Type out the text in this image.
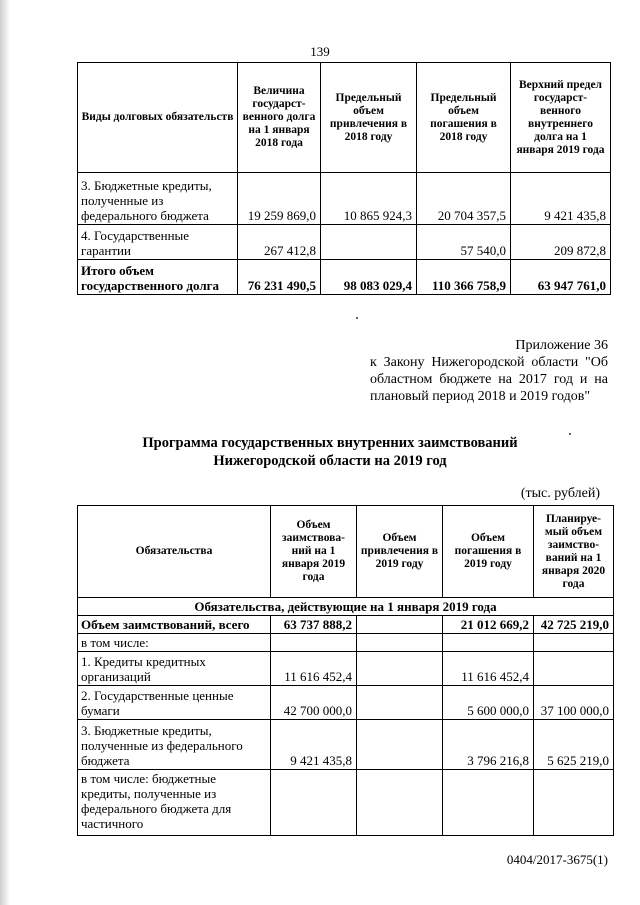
139
Виды долговых обязательств	Величина государст-венного долга на 1 января 2018 года	Предельный объем привлечения в 2018 году	Предельный объем погашения в 2018 году	Верхний предел государст-венного внутреннего долга на 1 января 2019 года
3. Бюджетные кредиты, полученные из федерального бюджета	19 259 869,0	10 865 924,3	20 704 357,5	9 421 435,8
4. Государственные гарантии	267 412,8		57 540,0	209 872,8
Итого объем государственного долга	76 231 490,5	98 083 029,4	110 366 758,9	63 947 761,0
Приложение 36
к Закону Нижегородской области "Об областном бюджете на 2017 год и на плановый период 2018 и 2019 годов"
Программа государственных внутренних заимствований
Нижегородской области на 2019 год
(тыс. рублей)
Обязательства	Объем заимствова-ний на 1 января 2019 года	Объем привлечения в 2019 году	Объем погашения в 2019 году	Планируе-мый объем заимство-ваний на 1 января 2020 года
Обязательства, действующие на 1 января 2019 года				
Объем заимствований, всего	63 737 888,2		21 012 669,2	42 725 219,0
в том числе:				
1. Кредиты кредитных организаций	11 616 452,4		11 616 452,4	
2. Государственные ценные бумаги	42 700 000,0		5 600 000,0	37 100 000,0
3. Бюджетные кредиты, полученные из федерального бюджета	9 421 435,8		3 796 216,8	5 625 219,0
в том числе: бюджетные кредиты, полученные из федерального бюджета для частичного				
0404/2017-3675(1)
